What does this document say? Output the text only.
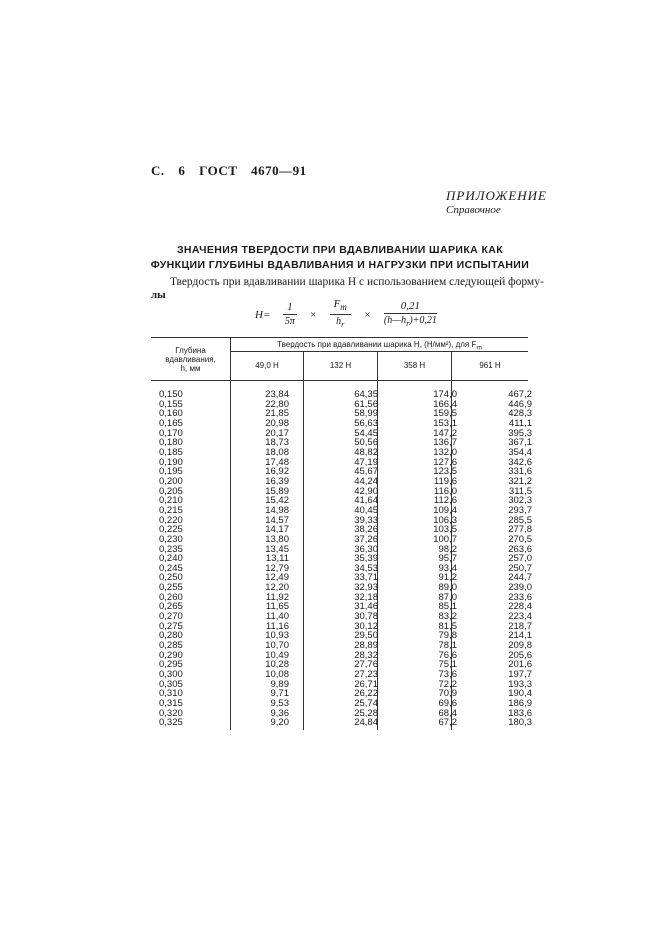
С. 6 ГОСТ 4670—91
ПРИЛОЖЕНИЕ
Справочное
ЗНАЧЕНИЯ ТВЕРДОСТИ ПРИ ВДАВЛИВАНИИ ШАРИКА КАК
ФУНКЦИИ ГЛУБИНЫ ВДАВЛИВАНИЯ И НАГРУЗКИ ПРИ ИСПЫТАНИИ
Твердость при вдавливании шарика H с использованием следующей формy-
лы
$H= \frac{1}{5\pi} \times \frac{F_m}{h_r} \times \frac{0,21}{(h—h_r)+0,21}$
Глубина
вдавливания,
h, мм
Твердость при вдавливании шарика H, (Н/мм²), для $F_m$
49,0 Н	132 Н	358 Н	961 Н
0,150	23,84	64,35	174,0	467,2
0,155	22,80	61,56	166,4	446,9
0,160	21,85	58,99	159,5	428,3
0,165	20,98	56,63	153,1	411,1
0,170	20,17	54,45	147,2	395,3
0,180	18,73	50,56	136,7	367,1
0,185	18,08	48,82	132,0	354,4
0,190	17,48	47,19	127,6	342,6
0,195	16,92	45,67	123,5	331,6
0,200	16,39	44,24	119,6	321,2
0,205	15,89	42,90	116,0	311,5
0,210	15,42	41,64	112,6	302,3
0,215	14,98	40,45	109,4	293,7
0,220	14,57	39,33	106,3	285,5
0,225	14,17	38,26	103,5	277,8
0,230	13,80	37,26	100,7	270,5
0,235	13,45	36,30	98,2	263,6
0,240	13,11	35,39	95,7	257,0
0,245	12,79	34,53	93,4	250,7
0,250	12,49	33,71	91,2	244,7
0,255	12,20	32,93	89,0	239,0
0,260	11,92	32,18	87,0	233,6
0,265	11,65	31,46	85,1	228,4
0,270	11,40	30,78	83,2	223,4
0,275	11,16	30,12	81,5	218,7
0,280	10,93	29,50	79,8	214,1
0,285	10,70	28,89	78,1	209,8
0,290	10,49	28,32	76,6	205,6
0,295	10,28	27,76	75,1	201,6
0,300	10,08	27,23	73,6	197,7
0,305	9,89	26,71	72,2	193,3
0,310	9,71	26,22	70,9	190,4
0,315	9,53	25,74	69,6	186,9
0,320	9,36	25,28	68,4	183,6
0,325	9,20	24,84	67,2	180,3
